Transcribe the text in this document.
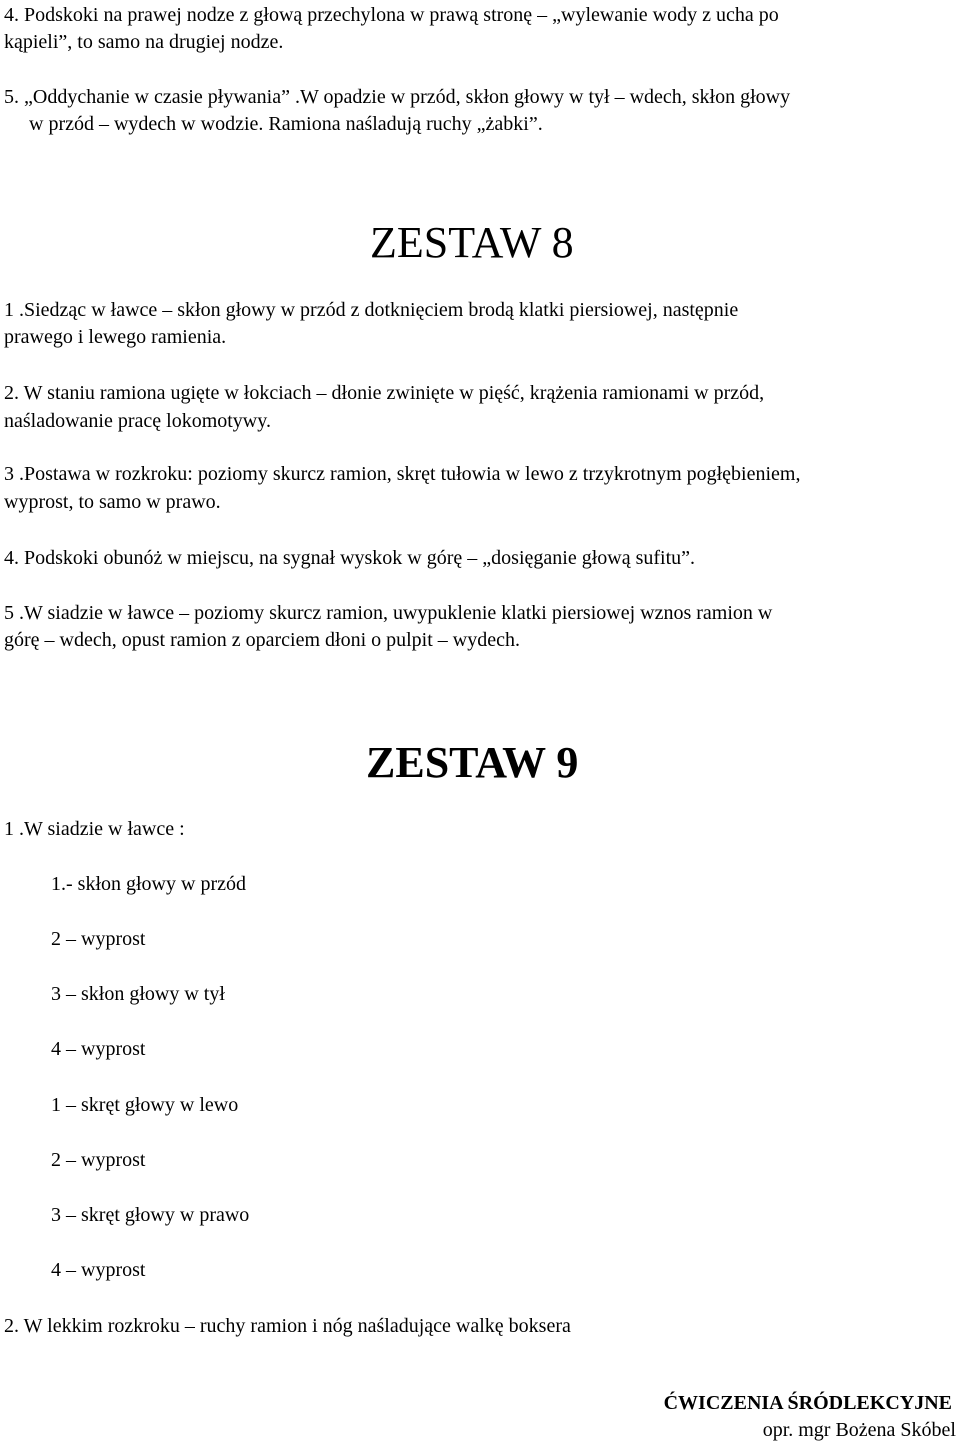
4. Podskoki na prawej nodze z głową przechylona w prawą stronę – „wylewanie wody z ucha po
kąpieli”, to samo na drugiej nodze.
5. „Oddychanie w czasie pływania” .W opadzie w przód, skłon głowy w tył – wdech, skłon głowy
w przód – wydech w wodzie. Ramiona naśladują ruchy „żabki”.
ZESTAW 8
1 .Siedząc w ławce – skłon głowy w przód z dotknięciem brodą klatki piersiowej, następnie
prawego i lewego ramienia.
2. W staniu ramiona ugięte w łokciach – dłonie zwinięte w pięść, krążenia ramionami w przód,
naśladowanie pracę lokomotywy.
3 .Postawa w rozkroku: poziomy skurcz ramion, skręt tułowia w lewo z trzykrotnym pogłębieniem,
wyprost, to samo w prawo.
4. Podskoki obunóż w miejscu, na sygnał wyskok w górę – „dosięganie głową sufitu”.
5 .W siadzie w ławce – poziomy skurcz ramion, uwypuklenie klatki piersiowej wznos ramion w
górę – wdech, opust ramion z oparciem dłoni o pulpit – wydech.
ZESTAW 9
1 .W siadzie w ławce :
1.- skłon głowy w przód
2 – wyprost
3 – skłon głowy w tył
4 – wyprost
1 – skręt głowy w lewo
2 – wyprost
3 – skręt głowy w prawo
4 – wyprost
2. W lekkim rozkroku – ruchy ramion i nóg naśladujące walkę boksera
ĆWICZENIA ŚRÓDLEKCYJNE
opr. mgr Bożena Skóbel
